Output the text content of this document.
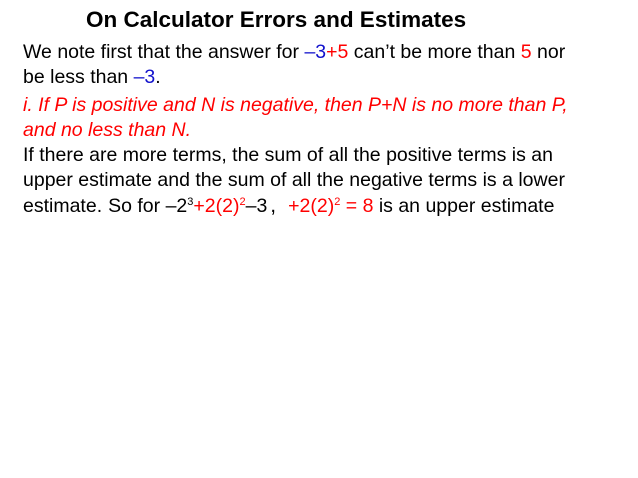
On Calculator Errors and Estimates
We note first that the answer for –3+5 can’t be more than 5 nor
be less than –3.
i. If P is positive and N is negative, then P+N is no more than P,
and no less than N.
If there are more terms, the sum of all the positive terms is an
upper estimate and the sum of all the negative terms is a lower
estimate. So for $-2^3+2(2)^2-3$ , $+2(2)^2 = 8$ is an upper estimate
